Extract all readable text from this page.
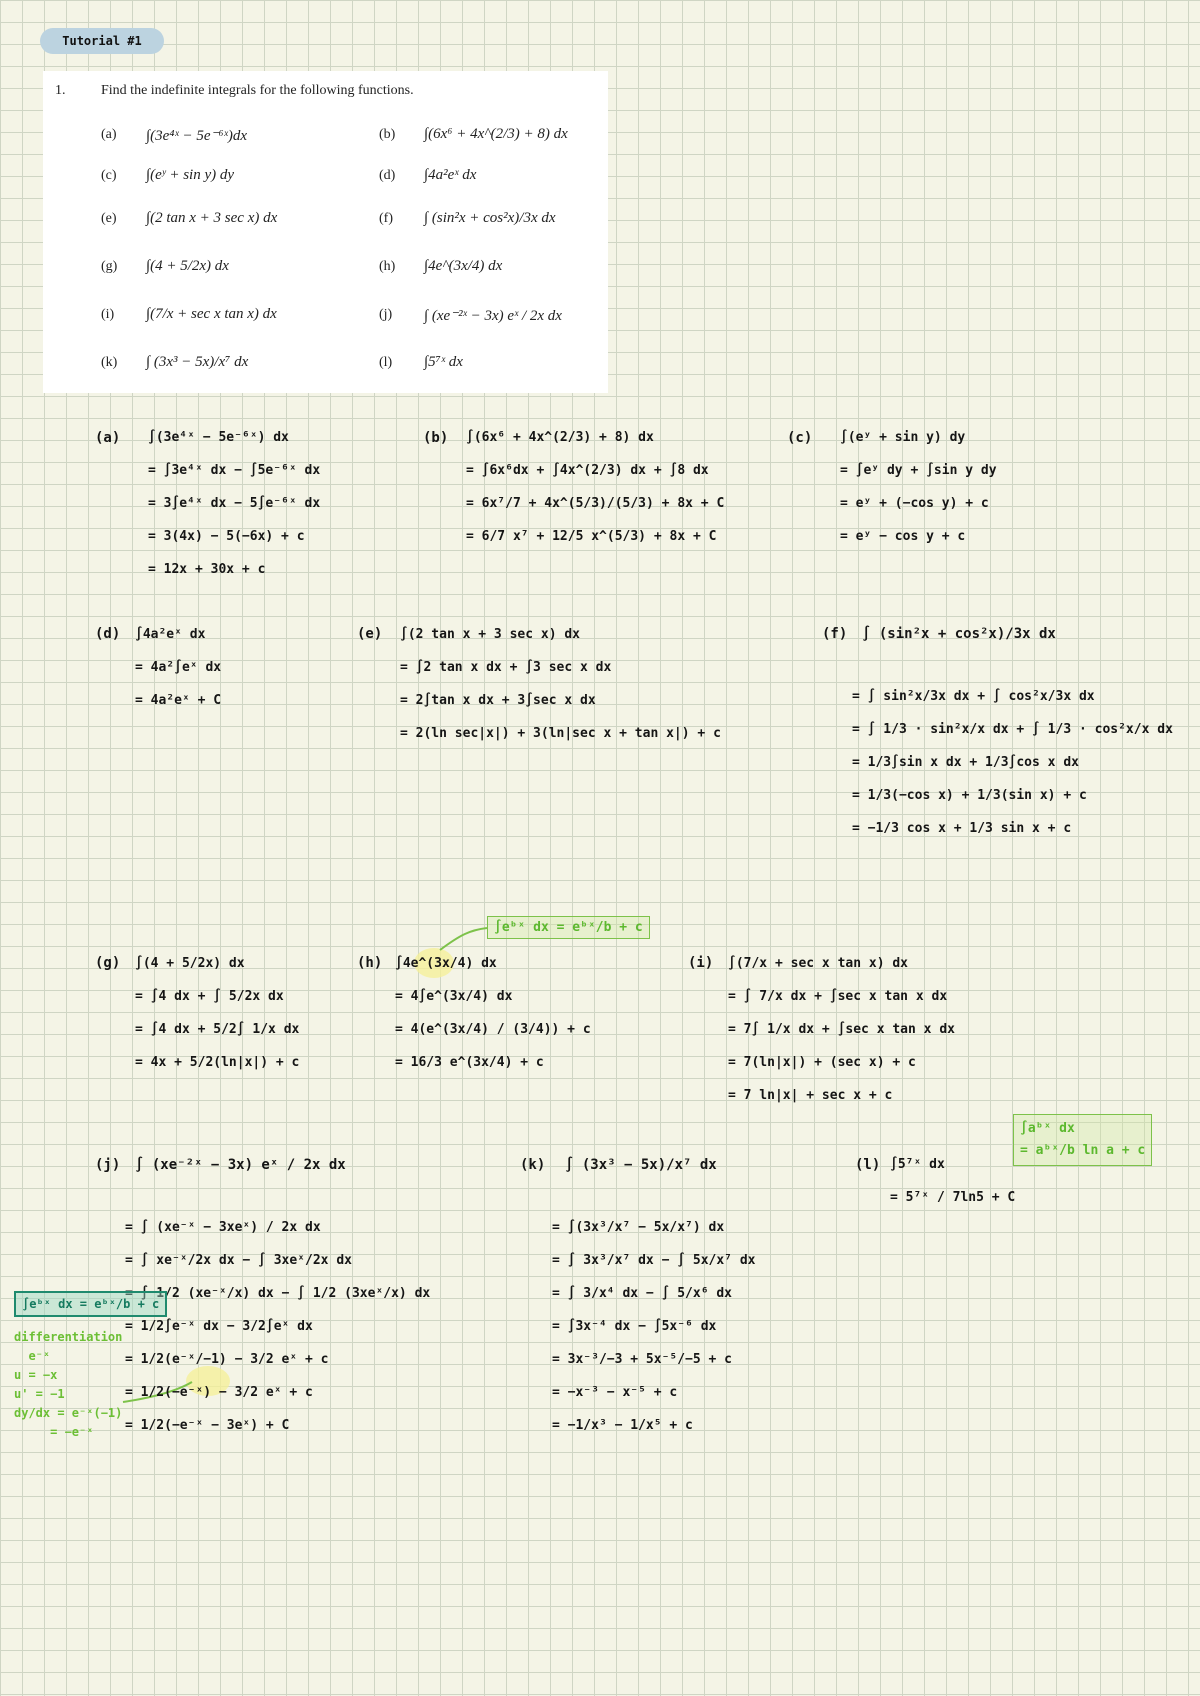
Tutorial #1
1.	Find the indefinite integrals for the following functions.
(a) ∫(3e⁴ˣ − 5e⁻⁶ˣ)dx	(b) ∫(6x⁶ + 4x^(2/3) + 8) dx
(c) ∫(eʸ + sin y) dy	(d) ∫4a²eˣ dx
(e) ∫(2 tan x + 3 sec x) dx	(f) ∫ (sin²x + cos²x)/3x dx
(g) ∫(4 + 5/2x) dx	(h) ∫4e^(3x/4) dx
(i) ∫(7/x + sec x tan x) dx	(j) ∫ (xe⁻²ˣ − 3x) eˣ / 2x dx
(k) ∫ (3x³ − 5x)/x⁷ dx	(l) ∫5⁷ˣ dx
(a) ∫(3e⁴ˣ − 5e⁻⁶ˣ) dx
= ∫3e⁴ˣ dx − ∫5e⁻⁶ˣ dx
= 3∫e⁴ˣ dx − 5∫e⁻⁶ˣ dx
= 3(4x) − 5(−6x) + c
= 12x + 30x + c
(b) ∫(6x⁶ + 4x^(2/3) + 8) dx
= ∫6x⁶dx + ∫4x^(2/3) dx + ∫8 dx
= 6x⁷/7 + 4x^(5/3)/(5/3) + 8x + C
= 6/7 x⁷ + 12/5 x^(5/3) + 8x + C
(c) ∫(eʸ + sin y) dy
= ∫eʸ dy + ∫sin y dy
= eʸ + (−cos y) + c
= eʸ − cos y + c
(d) ∫4a²eˣ dx
= 4a²∫eˣ dx
= 4a²eˣ + C
(e) ∫(2 tan x + 3 sec x) dx
= ∫2 tan x dx + ∫3 sec x dx
= 2∫tan x dx + 3∫sec x dx
= 2(ln sec|x|) + 3(ln|sec x + tan x|) + c
(f) ∫ (sin²x + cos²x)/3x dx
= ∫ sin²x/3x dx + ∫ cos²x/3x dx
= ∫ 1/3 · sin²x/x dx + ∫ 1/3 · cos²x/x dx
= 1/3∫sin x dx + 1/3∫cos x dx
= 1/3(−cos x) + 1/3(sin x) + c
= −1/3 cos x + 1/3 sin x + c
(g) ∫(4 + 5/2x) dx
= ∫4 dx + ∫ 5/2x dx
= ∫4 dx + 5/2∫ 1/x dx
= 4x + 5/2(ln|x|) + c
(h) ∫4e^(3x/4) dx
= 4∫e^(3x/4) dx
= 4(e^(3x/4) / (3/4)) + c
= 16/3 e^(3x/4) + c
∫eᵇˣ dx = eᵇˣ/b + c
(i) ∫(7/x + sec x tan x) dx
= ∫ 7/x dx + ∫sec x tan x dx
= 7∫ 1/x dx + ∫sec x tan x dx
= 7(ln|x|) + (sec x) + c
= 7 ln|x| + sec x + c
(j) ∫ (xe⁻²ˣ − 3x) eˣ / 2x dx
= ∫ (xe⁻ˣ − 3xeˣ) / 2x dx
= ∫ xe⁻ˣ/2x dx − ∫ 3xeˣ/2x dx
= ∫ 1/2 (xe⁻ˣ/x) dx − ∫ 1/2 (3xeˣ/x) dx
= 1/2∫e⁻ˣ dx − 3/2∫eˣ dx
= 1/2(e⁻ˣ/−1) − 3/2 eˣ + c
= 1/2(−e⁻ˣ) − 3/2 eˣ + c
= 1/2(−e⁻ˣ − 3eˣ) + C
∫eᵇˣ dx = eᵇˣ/b + c
differentiation
e⁻ˣ
u = −x
u' = −1
dy/dx = e⁻ˣ(−1)
= −e⁻ˣ
(k) ∫ (3x³ − 5x)/x⁷ dx
= ∫(3x³/x⁷ − 5x/x⁷) dx
= ∫ 3x³/x⁷ dx − ∫ 5x/x⁷ dx
= ∫ 3/x⁴ dx − ∫ 5/x⁶ dx
= ∫3x⁻⁴ dx − ∫5x⁻⁶ dx
= 3x⁻³/−3 + 5x⁻⁵/−5 + c
= −x⁻³ − x⁻⁵ + c
= −1/x³ − 1/x⁵ + c
(l) ∫5⁷ˣ dx
= 5⁷ˣ / 7ln5 + C
∫aᵇˣ dx
= aᵇˣ/b ln a + c
